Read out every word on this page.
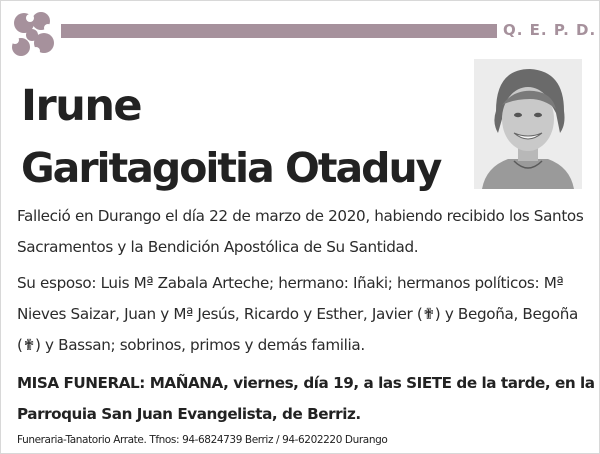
Q. E. P. D.
Irune
Garitagoitia Otaduy
Falleció en Durango el día 22 de marzo de 2020, habiendo recibido los Santos Sacramentos y la Bendición Apostólica de Su Santidad.
Su esposo: Luis Mª Zabala Arteche; hermano: Iñaki; hermanos políticos: Mª Nieves Saizar, Juan y Mª Jesús, Ricardo y Esther, Javier (✟) y Begoña, Begoña (✟) y Bassan; sobrinos, primos y demás familia.
MISA FUNERAL: MAÑANA, viernes, día 19, a las SIETE de la tarde, en la Parroquia San Juan Evangelista, de Berriz.
Funeraria-Tanatorio Arrate. Tfnos: 94-6824739 Berriz / 94-6202220 Durango
